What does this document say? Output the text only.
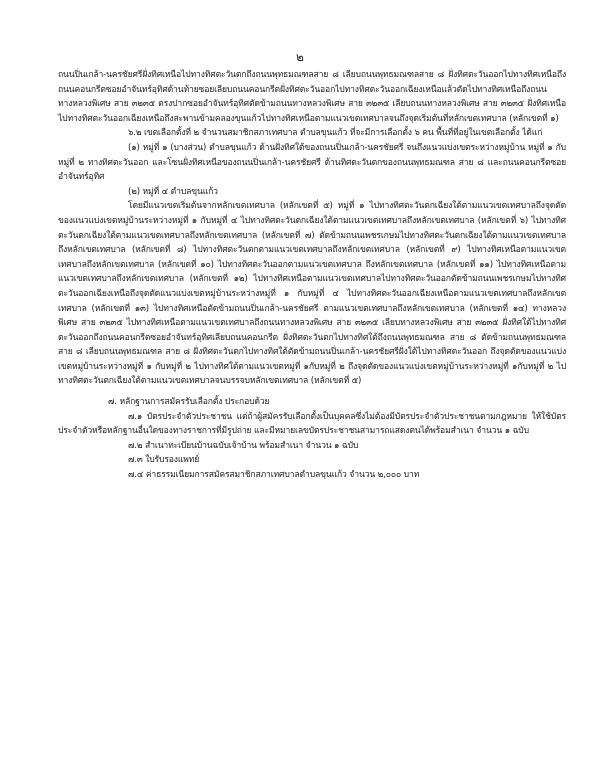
๒

ถนนปิ่นเกล้า-นครชัยศรีฝั่งทิศเหนือไปทางทิศตะวันตกถึงถนนพุทธมณฑลสาย ๘ เลียบถนนพุทธมณฑลสาย ๘ ฝั่งทิศตะวันออกไปทางทิศเหนือถึงถนนคอนกรีตซอยอำจันทร์อุทิศด้านท้ายซอยเลียบถนนคอนกรีตฝั่งทิศตะวันออกไปทางทิศตะวันออกเฉียงเหนือแล้วตัดไปทางทิศเหนือถึงถนนทางหลวงพิเศษ สาย ๓๒๓๕ ตรงปากซอยอำจันทร์อุทิศตัดข้ามถนนทางหลวงพิเศษ สาย ๓๒๓๕ เลียบถนนทางหลวงพิเศษ สาย ๓๒๓๕ ฝั่งทิศเหนือไปทางทิศตะวันออกเฉียงเหนือถึงสะพานข้ามคลองขุนแก้วไปทางทิศเหนือตามแนวเขตเทศบาลจนถึงจุดเริ่มต้นที่หลักเขตเทศบาล (หลักเขตที่ ๑)

๖.๒ เขตเลือกตั้งที่ ๒ จำนวนสมาชิกสภาเทศบาล ตำบลขุนแก้ว ที่จะมีการเลือกตั้ง ๖ คน พื้นที่ที่อยู่ในเขตเลือกตั้ง ได้แก่

(๑) หมู่ที่ ๑ (บางส่วน) ตำบลขุนแก้ว ด้านฝั่งทิศใต้ของถนนปิ่นเกล้า-นครชัยศรี จนถึงแนวแบ่งเขตระหว่างหมู่บ้าน หมู่ที่ ๑ กับหมู่ที่ ๒ ทางทิศตะวันออก และโซนฝั่งทิศเหนือของถนนปิ่นเกล้า-นครชัยศรี ด้านทิศตะวันตกของถนนพุทธมณฑล สาย ๘ และถนนคอนกรีตซอยอำจันทร์อุทิศ

(๒) หมู่ที่ ๔ ตำบลขุนแก้ว

โดยมีแนวเขตเริ่มต้นจากหลักเขตเทศบาล (หลักเขตที่ ๕) หมู่ที่ ๑ ไปทางทิศตะวันตกเฉียงใต้ตามแนวเขตเทศบาลถึงจุดตัดของแนวแบ่งเขตหมู่บ้านระหว่างหมู่ที่ ๑ กับหมู่ที่ ๔ ไปทางทิศตะวันตกเฉียงใต้ตามแนวเขตเทศบาลถึงหลักเขตเทศบาล (หลักเขตที่ ๖) ไปทางทิศตะวันตกเฉียงใต้ตามแนวเขตเทศบาลถึงหลักเขตเทศบาล (หลักเขตที่ ๗) ตัดข้ามถนนเพชรเกษมไปทางทิศตะวันตกเฉียงใต้ตามแนวเขตเทศบาลถึงหลักเขตเทศบาล (หลักเขตที่ ๘) ไปทางทิศตะวันตกตามแนวเขตเทศบาลถึงหลักเขตเทศบาล (หลักเขตที่ ๙) ไปทางทิศเหนือตามแนวเขตเทศบาลถึงหลักเขตเทศบาล (หลักเขตที่ ๑๐) ไปทางทิศตะวันออกตามแนวเขตเทศบาล ถึงหลักเขตเทศบาล (หลักเขตที่ ๑๑) ไปทางทิศเหนือตามแนวเขตเทศบาลถึงหลักเขตเทศบาล (หลักเขตที่ ๑๒) ไปทางทิศเหนือตามแนวเขตเทศบาลไปทางทิศตะวันออกตัดข้ามถนนเพชรเกษมไปทางทิศตะวันออกเฉียงเหนือถึงจุดตัดแนวแบ่งเขตหมู่บ้านระหว่างหมู่ที่ ๑ กับหมู่ที่ ๔ ไปทางทิศตะวันออกเฉียงเหนือตามแนวเขตเทศบาลถึงหลักเขตเทศบาล (หลักเขตที่ ๑๓) ไปทางทิศเหนือตัดข้ามถนนปิ่นเกล้า-นครชัยศรี ตามแนวเขตเทศบาลถึงหลักเขตเทศบาล (หลักเขตที่ ๑๔) ทางหลวงพิเศษ สาย ๓๒๓๕ ไปทางทิศเหนือตามแนวเขตเทศบาลถึงถนนทางหลวงพิเศษ สาย ๓๒๓๕ เลียบทางหลวงพิเศษ สาย ๓๒๓๕ ฝั่งทิศใต้ไปทางทิศตะวันออกถึงถนนคอนกรีตซอยอำจันทร์อุทิศเลียบถนนคอนกรีต ฝั่งทิศตะวันตกไปทางทิศใต้ถึงถนนพุทธมณฑล สาย ๘ ตัดข้ามถนนพุทธมณฑลสาย ๘ เลียบถนนพุทธมณฑล สาย ๘ ฝั่งทิศตะวันตกไปทางทิศใต้ตัดข้ามถนนปิ่นเกล้า-นครชัยศรีฝั่งใต้ไปทางทิศตะวันออก ถึงจุดตัดของแนวแบ่งเขตหมู่บ้านระหว่างหมู่ที่ ๑ กับหมู่ที่ ๒ ไปทางทิศใต้ตามแนวเขตหมู่ที่ ๑กับหมู่ที่ ๒ ถึงจุดตัดของแนวแบ่งเขตหมู่บ้านระหว่างหมู่ที่ ๑กับหมู่ที่ ๒ ไปทางทิศตะวันตกเฉียงใต้ตามแนวเขตเทศบาลจนบรรจบหลักเขตเทศบาล (หลักเขตที่ ๕)

๗. หลักฐานการสมัครรับเลือกตั้ง ประกอบด้วย

๗.๑ บัตรประจำตัวประชาชน แต่ถ้าผู้สมัครรับเลือกตั้งเป็นบุคคลซึ่งไม่ต้องมีบัตรประจำตัวประชาชนตามกฎหมาย ให้ใช้บัตรประจำตัวหรือหลักฐานอื่นใดของทางราชการที่มีรูปถ่าย และมีหมายเลขบัตรประชาชนสามารถแสดงตนได้พร้อมสำเนา จำนวน ๑ ฉบับ

๗.๒ สำเนาทะเบียนบ้านฉบับเจ้าบ้าน พร้อมสำเนา จำนวน ๑ ฉบับ

๗.๓ ใบรับรองแพทย์

๗.๔ ค่าธรรมเนียมการสมัครสมาชิกสภาเทศบาลตำบลขุนแก้ว จำนวน ๒,๐๐๐ บาท
